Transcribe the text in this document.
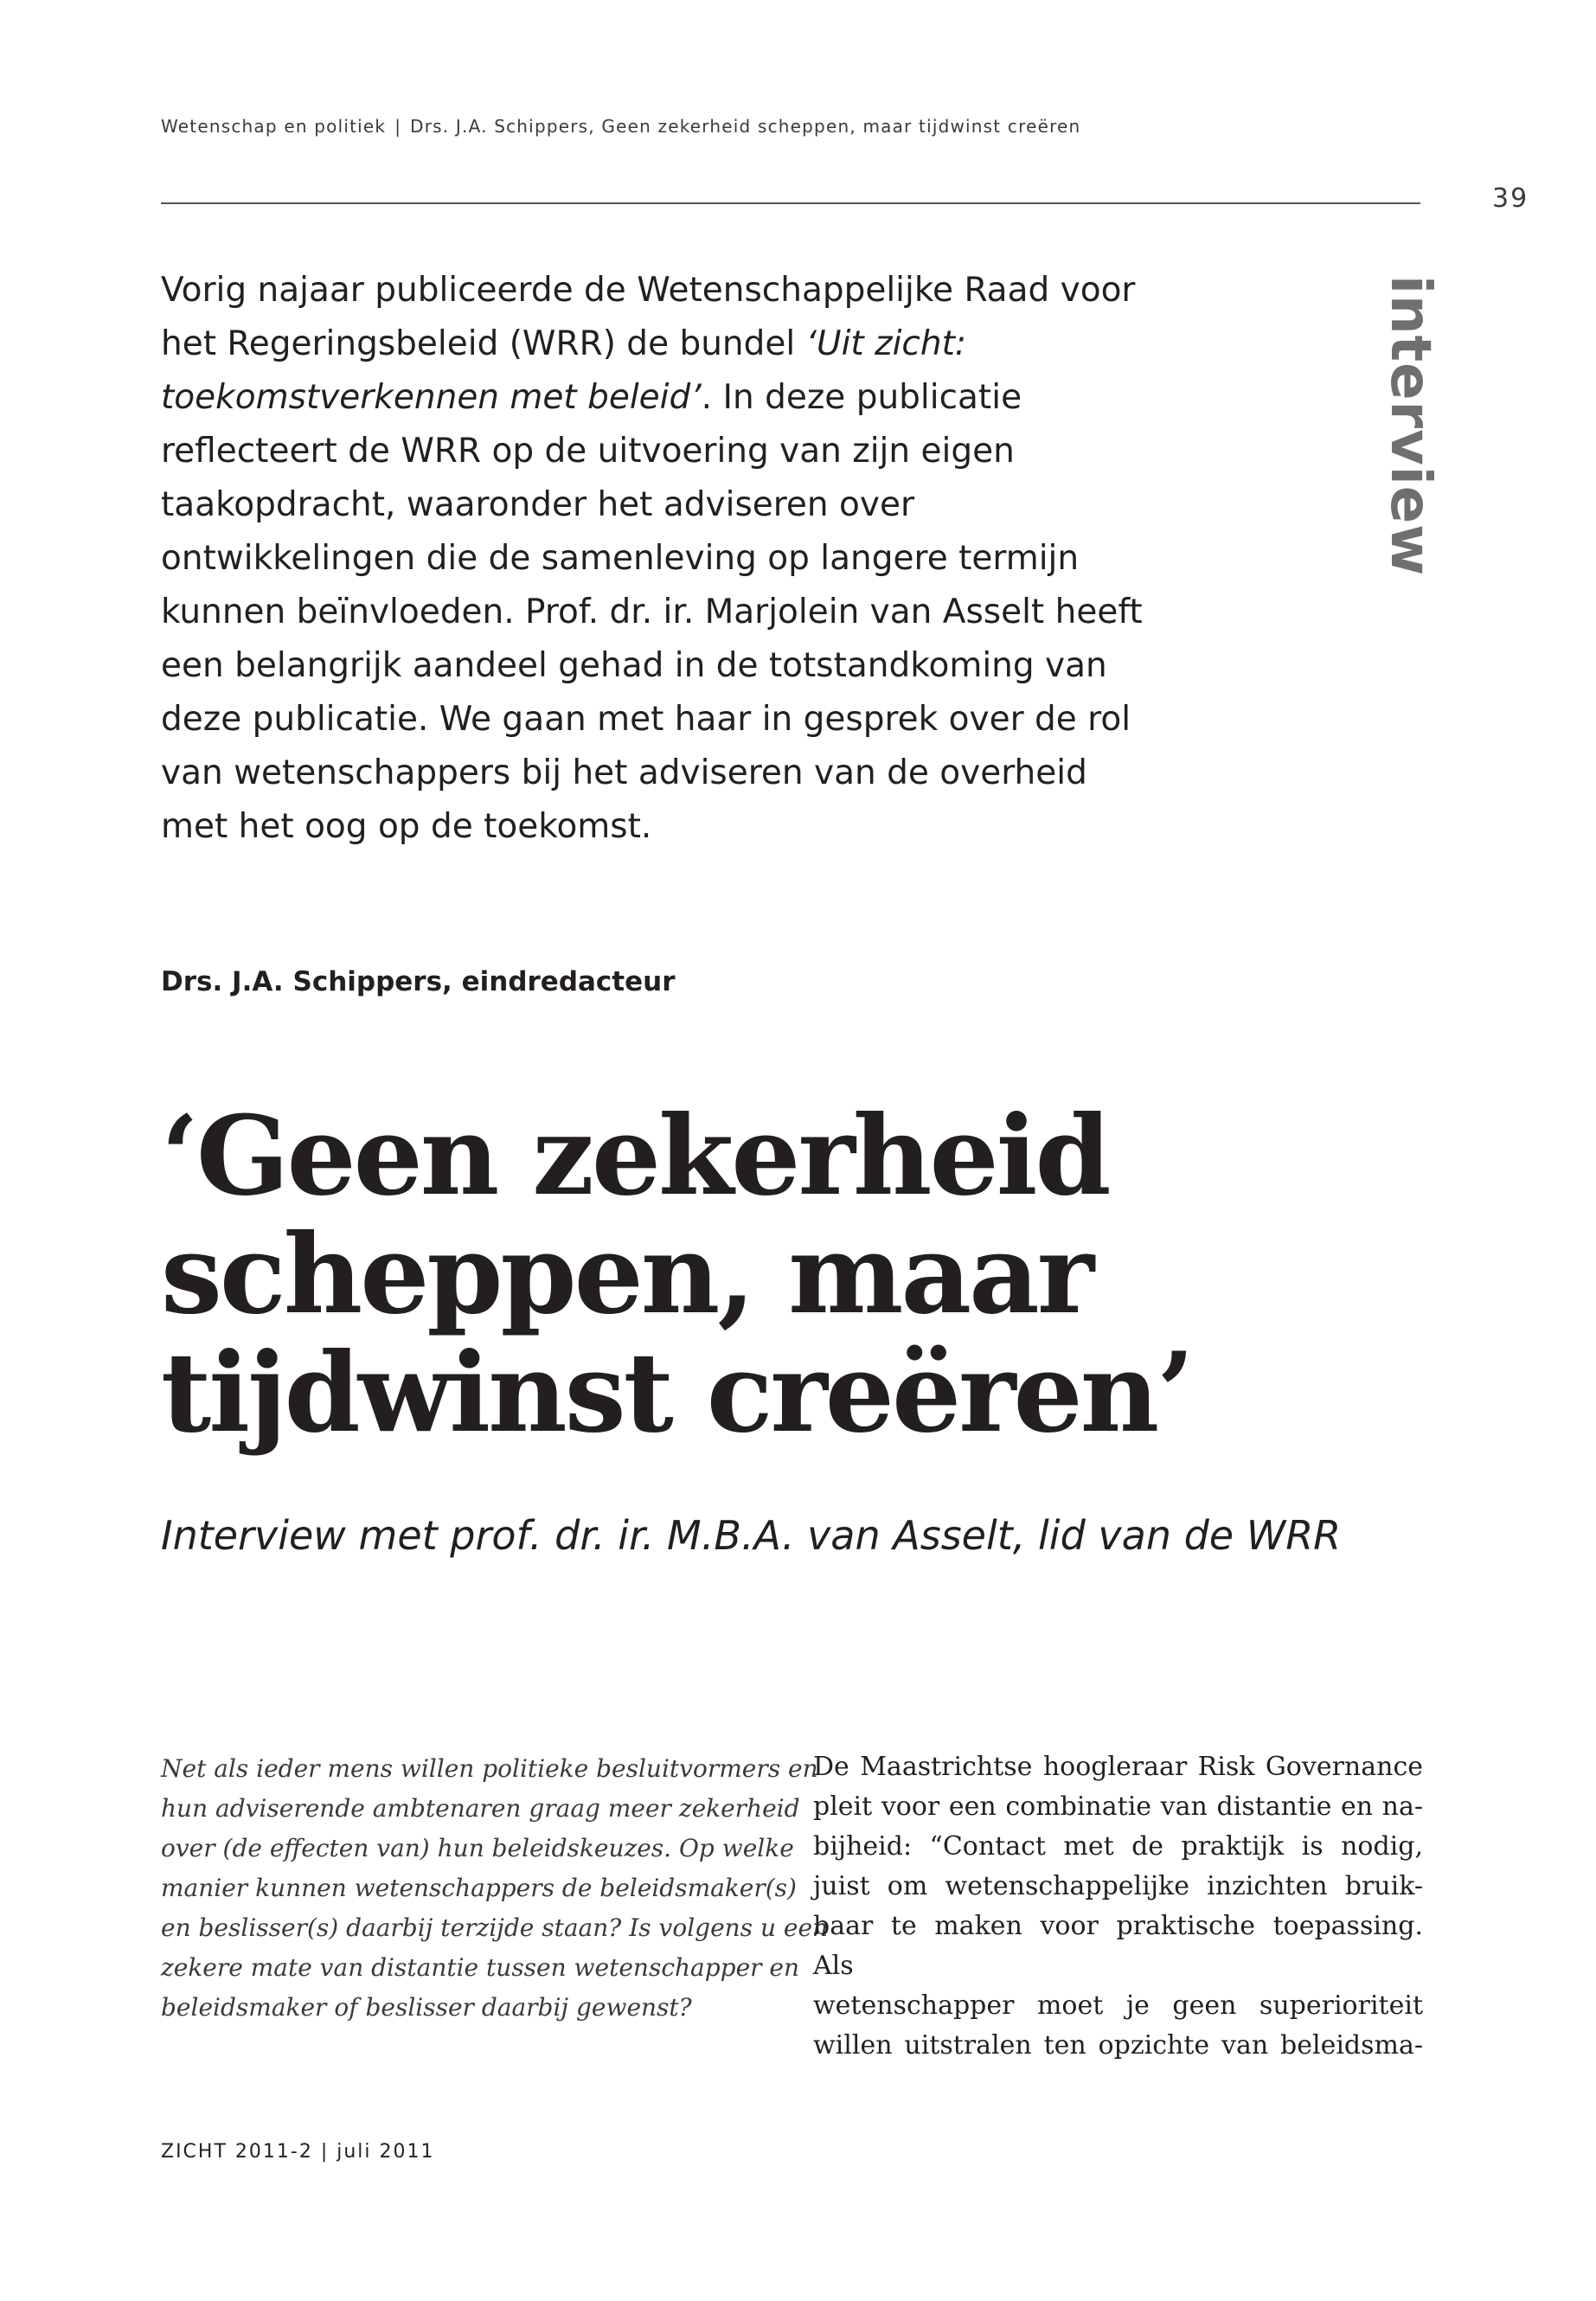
Wetenschap en politiek | Drs. J.A. Schippers, Geen zekerheid scheppen, maar tijdwinst creëren
39
interview

Vorig najaar publiceerde de Wetenschappelijke Raad voor het Regeringsbeleid (WRR) de bundel ‘Uit zicht: toekomstverkennen met beleid’. In deze publicatie reflecteert de WRR op de uitvoering van zijn eigen taakopdracht, waaronder het adviseren over ontwikkelingen die de samenleving op langere termijn kunnen beïnvloeden. Prof. dr. ir. Marjolein van Asselt heeft een belangrijk aandeel gehad in de totstandkoming van deze publicatie. We gaan met haar in gesprek over de rol van wetenschappers bij het adviseren van de overheid met het oog op de toekomst.

Drs. J.A. Schippers, eindredacteur
‘Geen zekerheid
scheppen, maar
tijdwinst creëren’
Interview met prof. dr. ir. M.B.A. van Asselt, lid van de WRR
Net als ieder mens willen politieke besluitvormers en
hun adviserende ambtenaren graag meer zekerheid
over (de effecten van) hun beleidskeuzes. Op welke
manier kunnen wetenschappers de beleidsmaker(s)
en beslisser(s) daarbij terzijde staan? Is volgens u een
zekere mate van distantie tussen wetenschapper en
beleidsmaker of beslisser daarbij gewenst?
De Maastrichtse hoogleraar Risk Governance
pleit voor een combinatie van distantie en na-
bijheid: “Contact met de praktijk is nodig,
juist om wetenschappelijke inzichten bruik-
baar te maken voor praktische toepassing. Als
wetenschapper moet je geen superioriteit
willen uitstralen ten opzichte van beleidsma-
ZICHT 2011-2 | juli 2011
